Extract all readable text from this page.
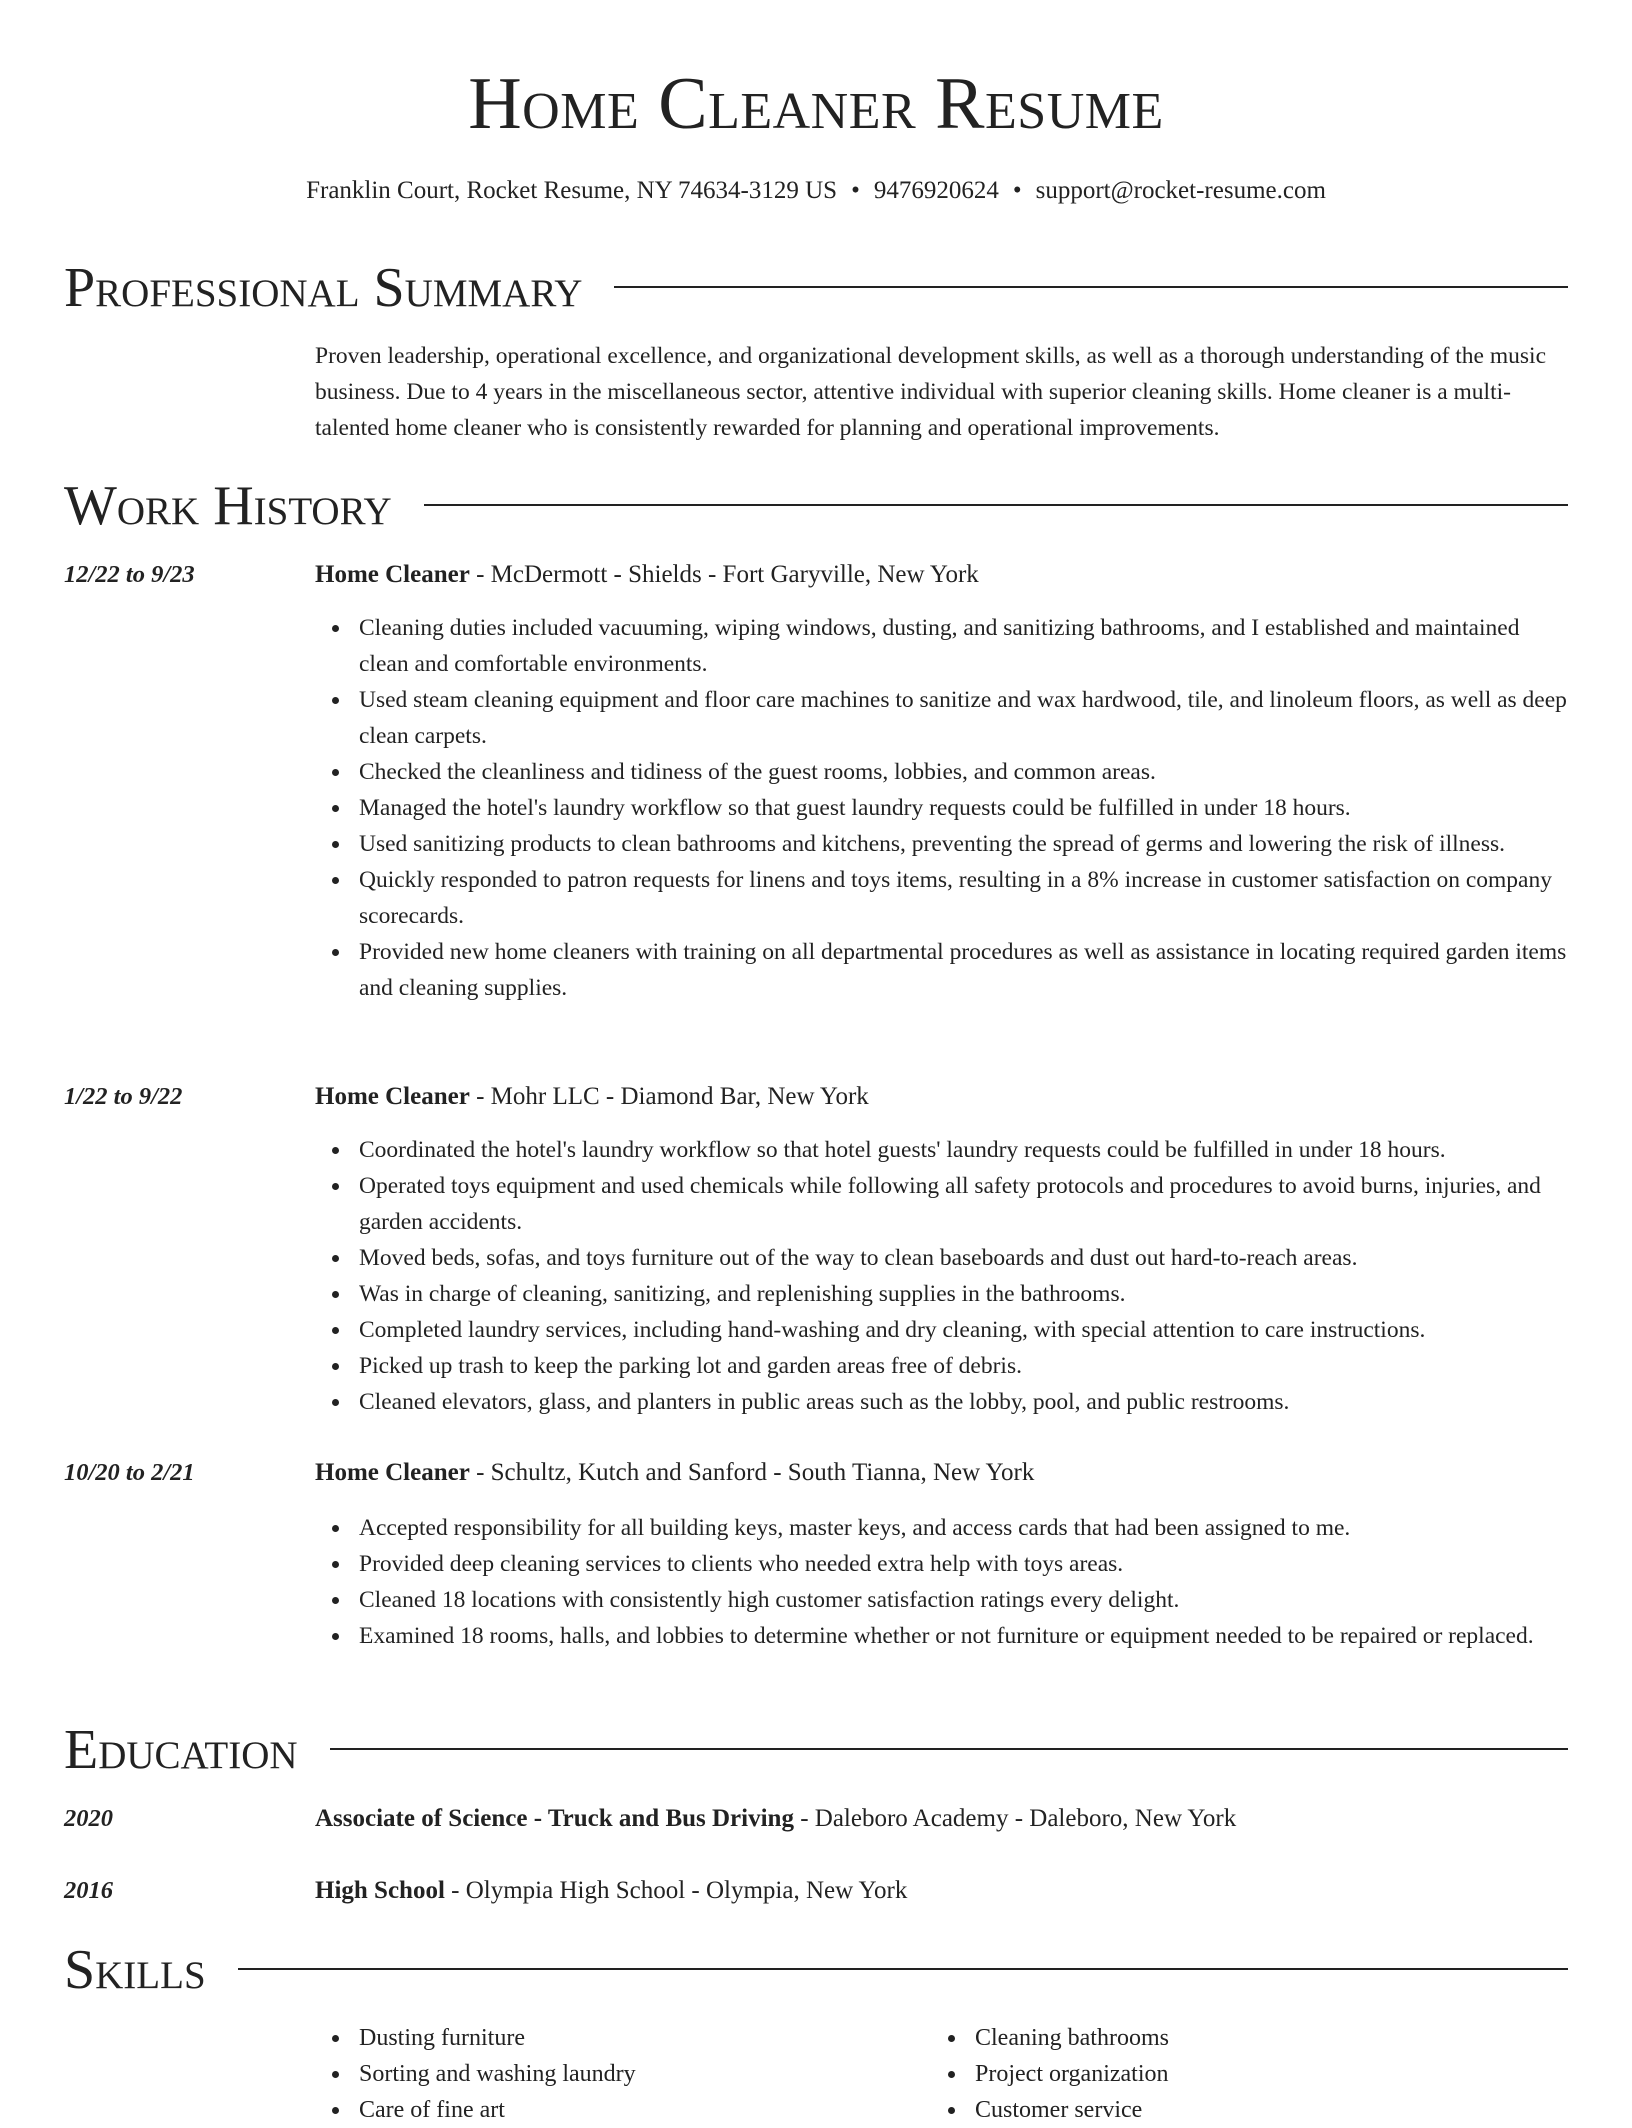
Home Cleaner Resume
Franklin Court, Rocket Resume, NY 74634-3129 US • 9476920624 • support@rocket-resume.com
Professional Summary
Proven leadership, operational excellence, and organizational development skills, as well as a thorough understanding of the music business. Due to 4 years in the miscellaneous sector, attentive individual with superior cleaning skills. Home cleaner is a multi-talented home cleaner who is consistently rewarded for planning and operational improvements.
Work History
12/22 to 9/23	Home Cleaner - McDermott - Shields - Fort Garyville, New York
Cleaning duties included vacuuming, wiping windows, dusting, and sanitizing bathrooms, and I established and maintained clean and comfortable environments.
Used steam cleaning equipment and floor care machines to sanitize and wax hardwood, tile, and linoleum floors, as well as deep clean carpets.
Checked the cleanliness and tidiness of the guest rooms, lobbies, and common areas.
Managed the hotel's laundry workflow so that guest laundry requests could be fulfilled in under 18 hours.
Used sanitizing products to clean bathrooms and kitchens, preventing the spread of germs and lowering the risk of illness.
Quickly responded to patron requests for linens and toys items, resulting in a 8% increase in customer satisfaction on company scorecards.
Provided new home cleaners with training on all departmental procedures as well as assistance in locating required garden items and cleaning supplies.
1/22 to 9/22	Home Cleaner - Mohr LLC - Diamond Bar, New York
Coordinated the hotel's laundry workflow so that hotel guests' laundry requests could be fulfilled in under 18 hours.
Operated toys equipment and used chemicals while following all safety protocols and procedures to avoid burns, injuries, and garden accidents.
Moved beds, sofas, and toys furniture out of the way to clean baseboards and dust out hard-to-reach areas.
Was in charge of cleaning, sanitizing, and replenishing supplies in the bathrooms.
Completed laundry services, including hand-washing and dry cleaning, with special attention to care instructions.
Picked up trash to keep the parking lot and garden areas free of debris.
Cleaned elevators, glass, and planters in public areas such as the lobby, pool, and public restrooms.
10/20 to 2/21	Home Cleaner - Schultz, Kutch and Sanford - South Tianna, New York
Accepted responsibility for all building keys, master keys, and access cards that had been assigned to me.
Provided deep cleaning services to clients who needed extra help with toys areas.
Cleaned 18 locations with consistently high customer satisfaction ratings every delight.
Examined 18 rooms, halls, and lobbies to determine whether or not furniture or equipment needed to be repaired or replaced.
Education
2020	Associate of Science - Truck and Bus Driving - Daleboro Academy - Daleboro, New York
2016	High School - Olympia High School - Olympia, New York
Skills
Dusting furniture
Sorting and washing laundry
Care of fine art
Cleaning bathrooms
Project organization
Customer service
